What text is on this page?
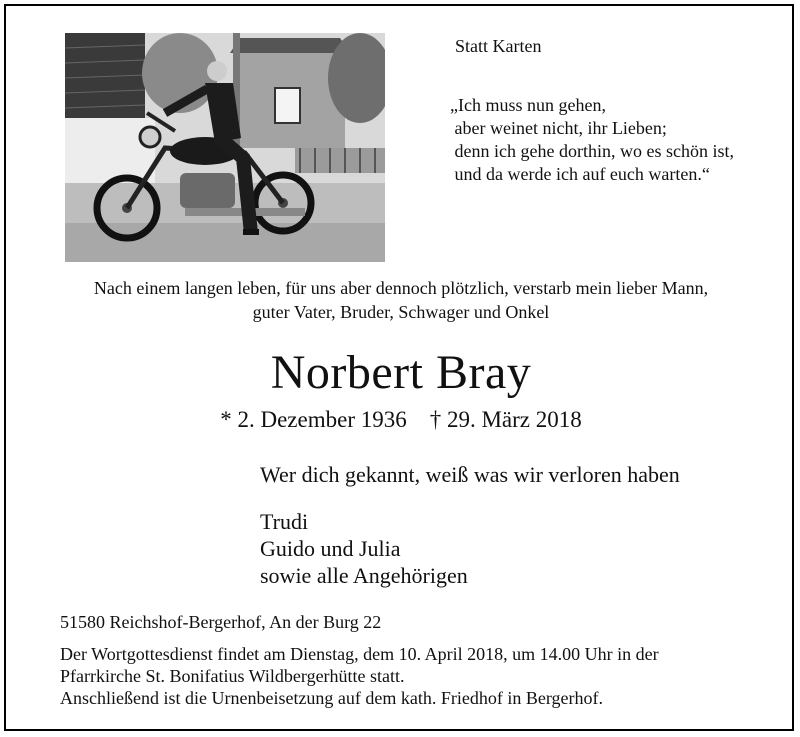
Statt Karten
„Ich muss nun gehen,
aber weinet nicht, ihr Lieben;
denn ich gehe dorthin, wo es schön ist,
und da werde ich auf euch warten.“
Nach einem langen leben, für uns aber dennoch plötzlich, verstarb mein lieber Mann,
guter Vater, Bruder, Schwager und Onkel
Norbert Bray
* 2. Dezember 1936    † 29. März 2018
Wer dich gekannt, weiß was wir verloren haben
Trudi
Guido und Julia
sowie alle Angehörigen
51580 Reichshof-Bergerhof, An der Burg 22
Der Wortgottesdienst findet am Dienstag, dem 10. April 2018, um 14.00 Uhr in der
Pfarrkirche St. Bonifatius Wildbergerhütte statt.
Anschließend ist die Urnenbeisetzung auf dem kath. Friedhof in Bergerhof.
